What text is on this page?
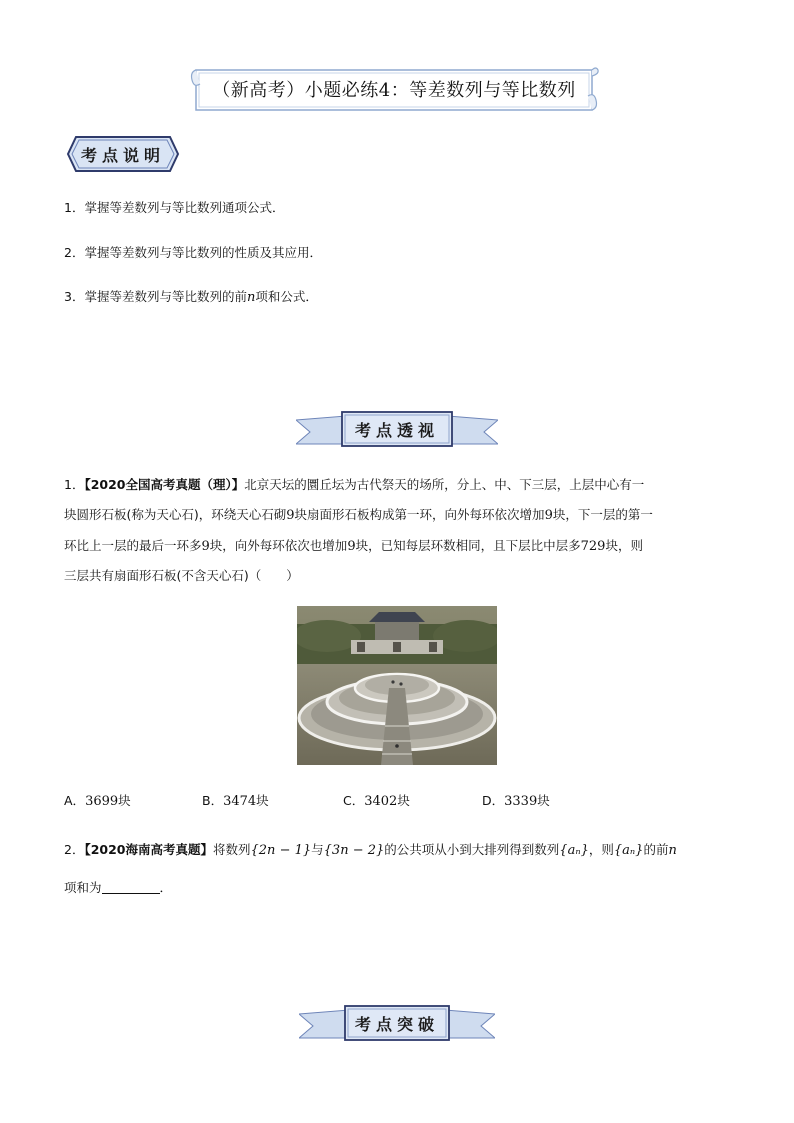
（新高考）小题必练4：等差数列与等比数列
考点说明
1．掌握等差数列与等比数列通项公式．
2．掌握等差数列与等比数列的性质及其应用．
3．掌握等差数列与等比数列的前n项和公式．
考点透视
1．【2020全国高考真题（理）】北京天坛的圜丘坛为古代祭天的场所，分上、中、下三层，上层中心有一
块圆形石板(称为天心石)，环绕天心石砌9块扇面形石板构成第一环，向外每环依次增加9块，下一层的第一
环比上一层的最后一环多9块，向外每环依次也增加9块，已知每层环数相同，且下层比中层多729块，则
三层共有扇面形石板(不含天心石)（　　）
A．3699块	B．3474块	C．3402块	D．3339块
2．【2020海南高考真题】将数列{2n − 1}与{3n − 2}的公共项从小到大排列得到数列{aₙ}，则{aₙ}的前n
项和为	．
考点突破
